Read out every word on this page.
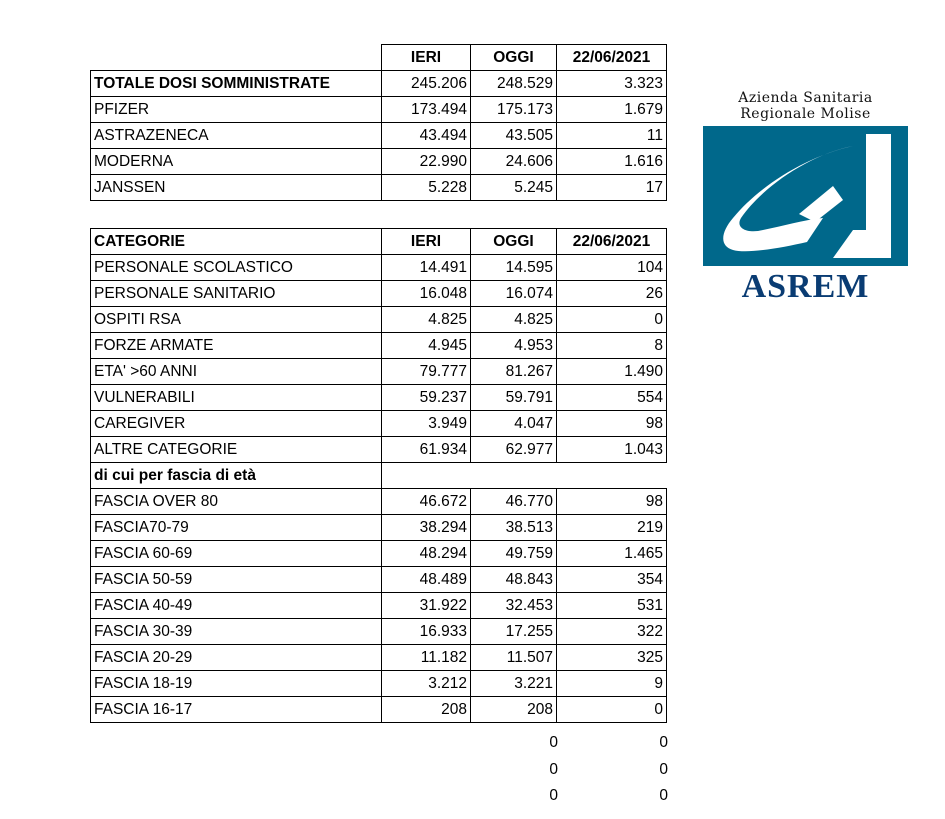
	IERI	OGGI	22/06/2021
TOTALE DOSI SOMMINISTRATE	245.206	248.529	3.323
PFIZER	173.494	175.173	1.679
ASTRAZENECA	43.494	43.505	11
MODERNA	22.990	24.606	1.616
JANSSEN	5.228	5.245	17
CATEGORIE	IERI	OGGI	22/06/2021
PERSONALE SCOLASTICO	14.491	14.595	104
PERSONALE SANITARIO	16.048	16.074	26
OSPITI RSA	4.825	4.825	0
FORZE ARMATE	4.945	4.953	8
ETA' >60 ANNI	79.777	81.267	1.490
VULNERABILI	59.237	59.791	554
CAREGIVER	3.949	4.047	98
ALTRE CATEGORIE	61.934	62.977	1.043
di cui per fascia di età			
FASCIA OVER 80	46.672	46.770	98
FASCIA70-79	38.294	38.513	219
FASCIA 60-69	48.294	49.759	1.465
FASCIA 50-59	48.489	48.843	354
FASCIA 40-49	31.922	32.453	531
FASCIA 30-39	16.933	17.255	322
FASCIA 20-29	11.182	11.507	325
FASCIA 18-19	3.212	3.221	9
FASCIA 16-17	208	208	0
0	0
0	0
0	0
Azienda Sanitaria
Regionale Molise
ASREM
